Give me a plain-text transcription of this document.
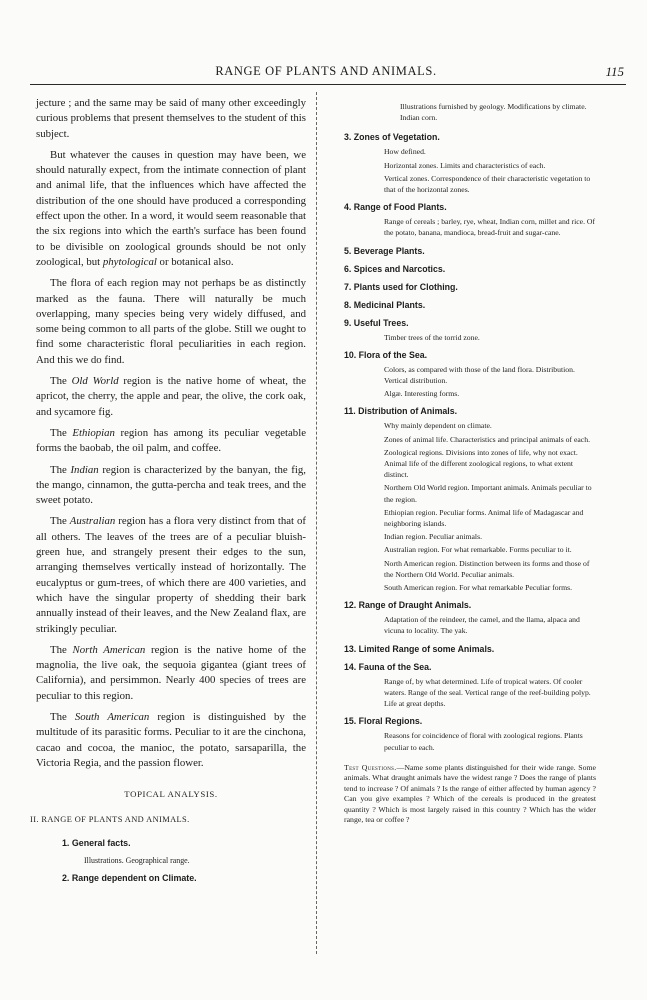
RANGE OF PLANTS AND ANIMALS.	115

jecture ; and the same may be said of many other exceedingly curious problems that present themselves to the student of this subject.

But whatever the causes in question may have been, we should naturally expect, from the intimate connection of plant and animal life, that the influences which have affected the distribution of the one should have produced a corresponding effect upon the other. In a word, it would seem reasonable that the six regions into which the earth's surface has been found to be divisible on zoological grounds should be not only zoological, but phytological or botanical also.

The flora of each region may not perhaps be as distinctly marked as the fauna. There will naturally be much overlapping, many species being very widely diffused, and some being common to all parts of the globe. Still we ought to find some characteristic floral peculiarities in each region. And this we do find.

The Old World region is the native home of wheat, the apricot, the cherry, the apple and pear, the olive, the cork oak, and sycamore fig.

The Ethiopian region has among its peculiar vegetable forms the baobab, the oil palm, and coffee.

The Indian region is characterized by the banyan, the fig, the mango, cinnamon, the gutta-percha and teak trees, and the sweet potato.

The Australian region has a flora very distinct from that of all others. The leaves of the trees are of a peculiar bluish-green hue, and strangely present their edges to the sun, arranging themselves vertically instead of horizontally. The eucalyptus or gum-trees, of which there are 400 varieties, and which have the singular property of shedding their bark annually instead of their leaves, and the New Zealand flax, are strikingly peculiar.

The North American region is the native home of the magnolia, the live oak, the sequoia gigantea (giant trees of California), and persimmon. Nearly 400 species of trees are peculiar to this region.

The South American region is distinguished by the multitude of its parasitic forms. Peculiar to it are the cinchona, cacao and cocoa, the manioc, the potato, sarsaparilla, the Victoria Regia, and the passion flower.

TOPICAL ANALYSIS.
II. RANGE OF PLANTS AND ANIMALS.
1. General facts.
Illustrations. Geographical range.
2. Range dependent on Climate.
Illustrations furnished by geology. Modifications by climate. Indian corn.
3. Zones of Vegetation.
How defined.
Horizontal zones. Limits and characteristics of each.
Vertical zones. Correspondence of their characteristic vegetation to that of the horizontal zones.
4. Range of Food Plants.
Range of cereals ; barley, rye, wheat, Indian corn, millet and rice. Of the potato, banana, mandioca, bread-fruit and sugar-cane.
5. Beverage Plants.
6. Spices and Narcotics.
7. Plants used for Clothing.
8. Medicinal Plants.
9. Useful Trees.
Timber trees of the torrid zone.
10. Flora of the Sea.
Colors, as compared with those of the land flora. Distribution. Vertical distribution.
Algæ. Interesting forms.
11. Distribution of Animals.
Why mainly dependent on climate.
Zones of animal life. Characteristics and principal animals of each.
Zoological regions. Divisions into zones of life, why not exact. Animal life of the different zoological regions, to what extent distinct.
Northern Old World region. Important animals. Animals peculiar to the region.
Ethiopian region. Peculiar forms. Animal life of Madagascar and neighboring islands.
Indian region. Peculiar animals.
Australian region. For what remarkable. Forms peculiar to it.
North American region. Distinction between its forms and those of the Northern Old World. Peculiar animals.
South American region. For what remarkable Peculiar forms.
12. Range of Draught Animals.
Adaptation of the reindeer, the camel, and the llama, alpaca and vicuna to locality. The yak.
13. Limited Range of some Animals.
14. Fauna of the Sea.
Range of, by what determined. Life of tropical waters. Of cooler waters. Range of the seal. Vertical range of the reef-building polyp. Life at great depths.
15. Floral Regions.
Reasons for coincidence of floral with zoological regions. Plants peculiar to each.
Test Questions.—Name some plants distinguished for their wide range. Some animals. What draught animals have the widest range ? Does the range of plants tend to increase ? Of animals ? Is the range of either affected by human agency ? Can you give examples ? Which of the cereals is produced in the greatest quantity ? Which is most largely raised in this country ? Which has the wider range, tea or coffee ?
